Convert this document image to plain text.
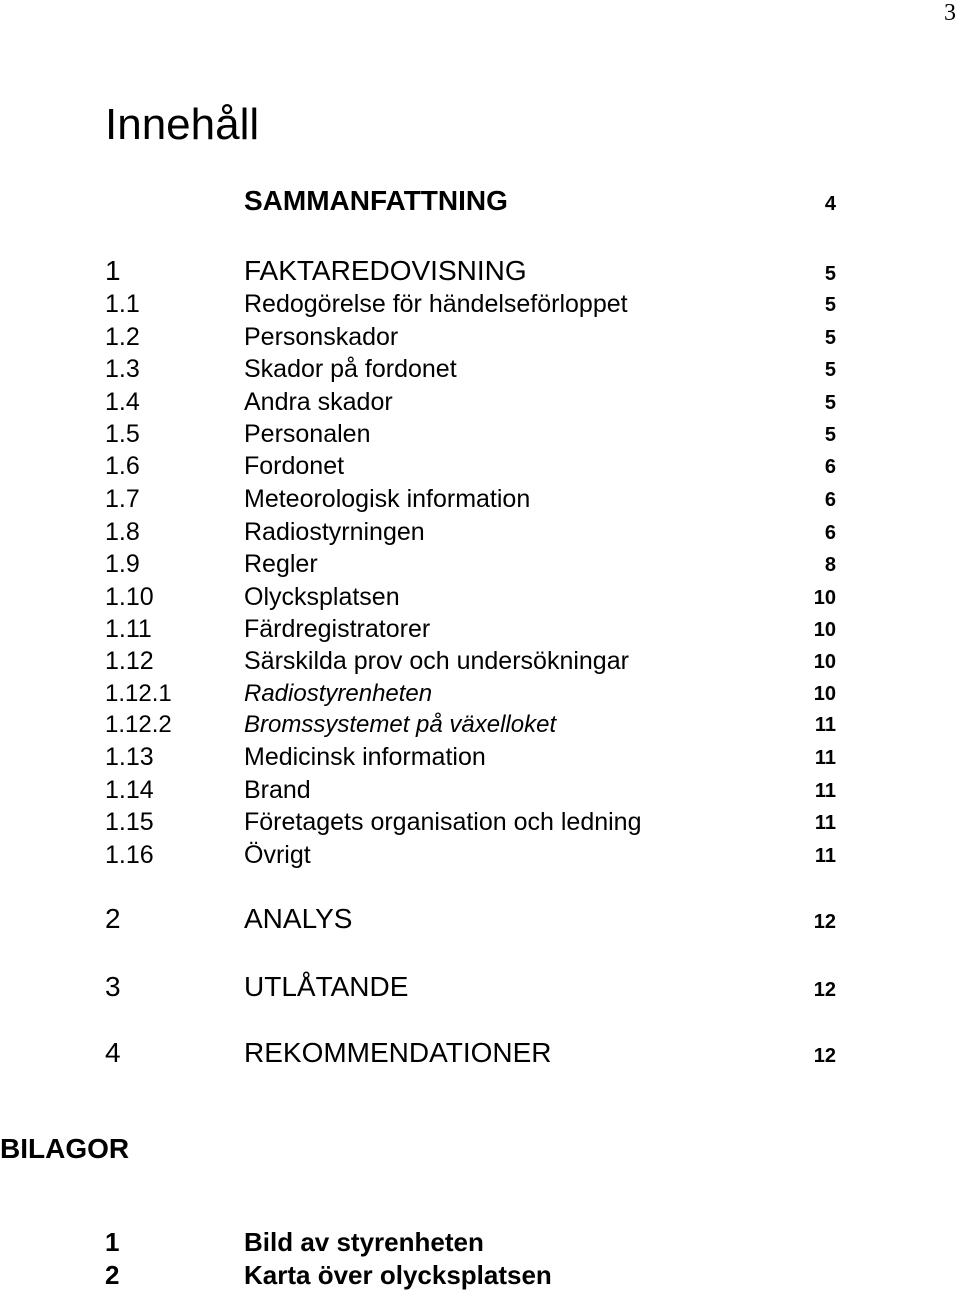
3
Innehåll
SAMMANFATTNING	4
1	FAKTAREDOVISNING	5
1.1	Redogörelse för händelseförloppet	5
1.2	Personskador	5
1.3	Skador på fordonet	5
1.4	Andra skador	5
1.5	Personalen	5
1.6	Fordonet	6
1.7	Meteorologisk information	6
1.8	Radiostyrningen	6
1.9	Regler	8
1.10	Olycksplatsen	10
1.11	Färdregistratorer	10
1.12	Särskilda prov och undersökningar	10
1.12.1	Radiostyrenheten	10
1.12.2	Bromssystemet på växelloket	11
1.13	Medicinsk information	11
1.14	Brand	11
1.15	Företagets organisation och ledning	11
1.16	Övrigt	11
2	ANALYS	12
3	UTLÅTANDE	12
4	REKOMMENDATIONER	12
BILAGOR
1	Bild av styrenheten
2	Karta över olycksplatsen
